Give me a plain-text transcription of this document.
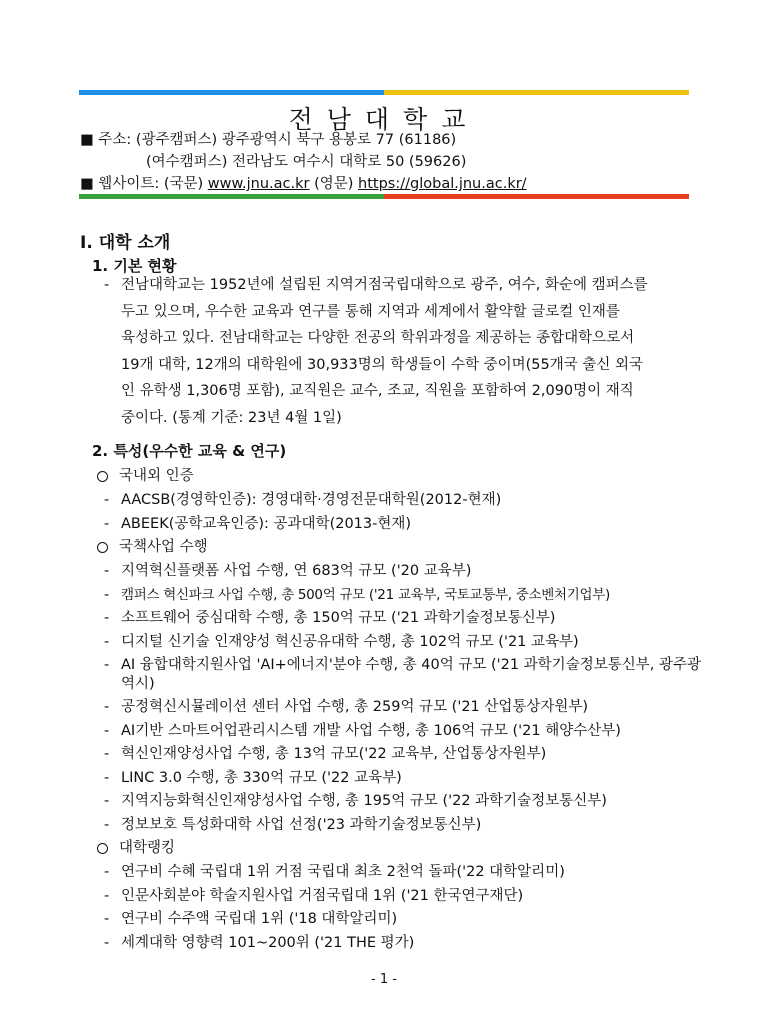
전남대학교
■ 주소: (광주캠퍼스) 광주광역시 북구 용봉로 77 (61186)
(여수캠퍼스) 전라남도 여수시 대학로 50 (59626)
■ 웹사이트: (국문) www.jnu.ac.kr (영문) https://global.jnu.ac.kr/
Ⅰ. 대학 소개
1. 기본 현황
- 전남대학교는 1952년에 설립된 지역거점국립대학으로 광주, 여수, 화순에 캠퍼스를
두고 있으며, 우수한 교육과 연구를 통해 지역과 세계에서 활약할 글로컬 인재를
육성하고 있다. 전남대학교는 다양한 전공의 학위과정을 제공하는 종합대학으로서
19개 대학, 12개의 대학원에 30,933명의 학생들이 수학 중이며(55개국 출신 외국
인 유학생 1,306명 포함), 교직원은 교수, 조교, 직원을 포함하여 2,090명이 재직
중이다. (통계 기준: 23년 4월 1일)
2. 특성(우수한 교육 & 연구)
국내외 인증
- AACSB(경영학인증): 경영대학·경영전문대학원(2012-현재)
- ABEEK(공학교육인증): 공과대학(2013-현재)
국책사업 수행
- 지역혁신플랫폼 사업 수행, 연 683억 규모 ('20 교육부)
- 캠퍼스 혁신파크 사업 수행, 총 500억 규모 ('21 교육부, 국토교통부, 중소벤처기업부)
- 소프트웨어 중심대학 수행, 총 150억 규모 ('21 과학기술정보통신부)
- 디지털 신기술 인재양성 혁신공유대학 수행, 총 102억 규모 ('21 교육부)
- AI 융합대학지원사업 'AI+에너지'분야 수행, 총 40억 규모 ('21 과학기술정보통신부, 광주광역시)
- 공정혁신시뮬레이션 센터 사업 수행, 총 259억 규모 ('21 산업통상자원부)
- AI기반 스마트어업관리시스템 개발 사업 수행, 총 106억 규모 ('21 해양수산부)
- 혁신인재양성사업 수행, 총 13억 규모('22 교육부, 산업통상자원부)
- LINC 3.0 수행, 총 330억 규모 ('22 교육부)
- 지역지능화혁신인재양성사업 수행, 총 195억 규모 ('22 과학기술정보통신부)
- 정보보호 특성화대학 사업 선정('23 과학기술정보통신부)
대학랭킹
- 연구비 수혜 국립대 1위 거점 국립대 최초 2천억 돌파('22 대학알리미)
- 인문사회분야 학술지원사업 거점국립대 1위 ('21 한국연구재단)
- 연구비 수주액 국립대 1위 ('18 대학알리미)
- 세계대학 영향력 101~200위 ('21 THE 평가)
- 1 -
